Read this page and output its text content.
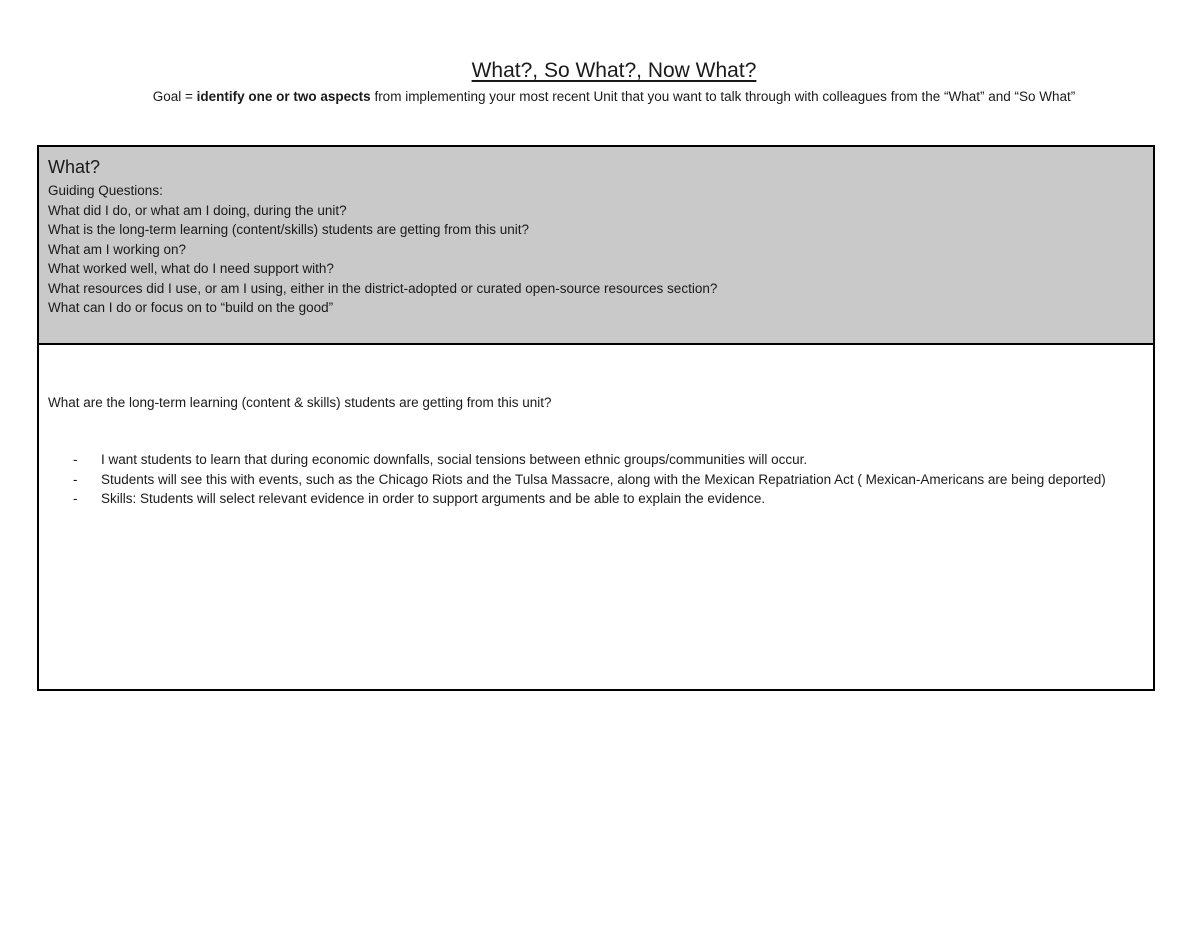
What?, So What?, Now What?
Goal = identify one or two aspects from implementing your most recent Unit that you want to talk through with colleagues from the “What” and “So What”
What?
Guiding Questions:
What did I do, or what am I doing, during the unit?
What is the long-term learning (content/skills) students are getting from this unit?
What am I working on?
What worked well, what do I need support with?
What resources did I use, or am I using, either in the district-adopted or curated open-source resources section?
What can I do or focus on to “build on the good”
What are the long-term learning (content & skills) students are getting from this unit?
- I want students to learn that during economic downfalls, social tensions between ethnic groups/communities will occur.
- Students will see this with events, such as the Chicago Riots and the Tulsa Massacre, along with the Mexican Repatriation Act ( Mexican-Americans are being deported)
- Skills: Students will select relevant evidence in order to support arguments and be able to explain the evidence.
